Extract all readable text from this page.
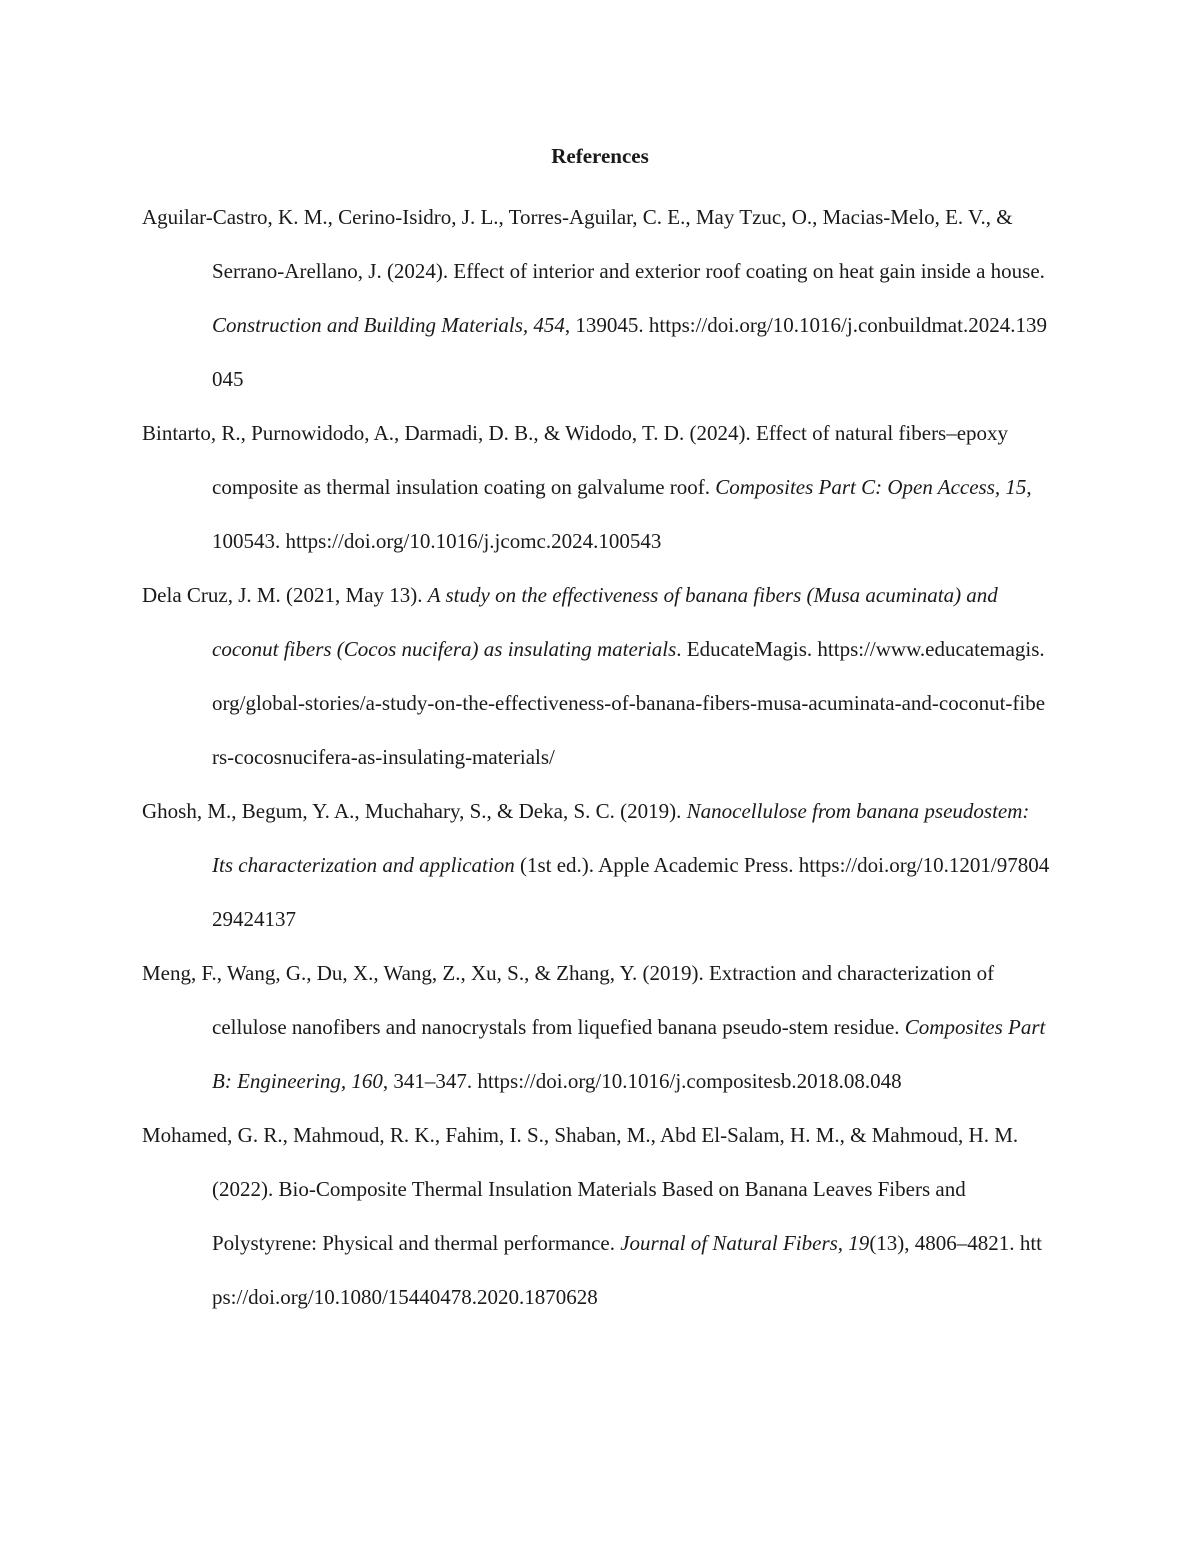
References

Aguilar-Castro, K. M., Cerino-Isidro, J. L., Torres-Aguilar, C. E., May Tzuc, O., Macias-Melo, E. V., & Serrano-Arellano, J. (2024). Effect of interior and exterior roof coating on heat gain inside a house. Construction and Building Materials, 454, 139045. https://doi.org/10.1016/j.conbuildmat.2024.139045

Bintarto, R., Purnowidodo, A., Darmadi, D. B., & Widodo, T. D. (2024). Effect of natural fibers–epoxy composite as thermal insulation coating on galvalume roof. Composites Part C: Open Access, 15, 100543. https://doi.org/10.1016/j.jcomc.2024.100543

Dela Cruz, J. M. (2021, May 13). A study on the effectiveness of banana fibers (Musa acuminata) and coconut fibers (Cocos nucifera) as insulating materials. EducateMagis. https://www.educatemagis.org/global-stories/a-study-on-the-effectiveness-of-banana-fibers-musa-acuminata-and-coconut-fibers-cocosnucifera-as-insulating-materials/

Ghosh, M., Begum, Y. A., Muchahary, S., & Deka, S. C. (2019). Nanocellulose from banana pseudostem: Its characterization and application (1st ed.). Apple Academic Press. https://doi.org/10.1201/9780429424137

Meng, F., Wang, G., Du, X., Wang, Z., Xu, S., & Zhang, Y. (2019). Extraction and characterization of cellulose nanofibers and nanocrystals from liquefied banana pseudo-stem residue. Composites Part B: Engineering, 160, 341–347. https://doi.org/10.1016/j.compositesb.2018.08.048

Mohamed, G. R., Mahmoud, R. K., Fahim, I. S., Shaban, M., Abd El-Salam, H. M., & Mahmoud, H. M. (2022). Bio-Composite Thermal Insulation Materials Based on Banana Leaves Fibers and Polystyrene: Physical and thermal performance. Journal of Natural Fibers, 19(13), 4806–4821. https://doi.org/10.1080/15440478.2020.1870628
